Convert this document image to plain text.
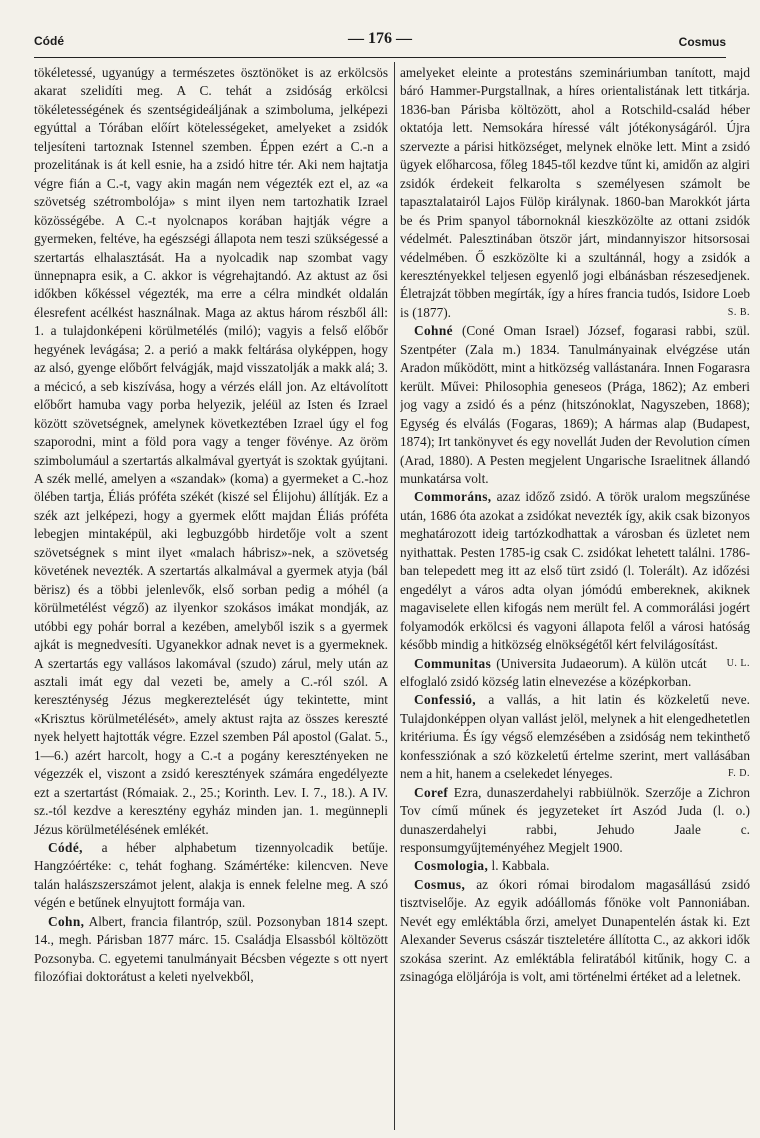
Códé	— 176 —	Cosmus

tökéletessé, ugyanúgy a természetes ösztönöket is az erkölcsös akarat szelidíti meg. A C. tehát a zsidóság erkölcsi tökéletességének és szentségideáljának a szimboluma, jelképezi egyúttal a Tórában előírt kötelességeket, amelyeket a zsidók teljesíteni tartoznak Istennel szemben. Éppen ezért a C.-n a prozelitának is át kell esnie, ha a zsidó hitre tér. Aki nem hajtatja végre fián a C.-t, vagy akin magán nem végezték ezt el, az «a szövetség szétrombolója» s mint ilyen nem tartozhatik Izrael közösségébe. A C.-t nyolcnapos korában hajtják végre a gyermeken, feltéve, ha egészségi állapota nem teszi szükségessé a szertartás elhalasztását. Ha a nyolcadik nap szombat vagy ünnepnapra esik, a C. akkor is végrehajtandó. Az aktust az ősi időkben kőkéssel végezték, ma erre a célra mindkét oldalán élesrefent acélkést használnak. Maga az aktus három részből áll: 1. a tulajdonképeni körülmetélés (miló); vagyis a felső előbőr hegyének levágása; 2. a perió a makk feltárása olyképpen, hogy az alsó, gyenge előbőrt felvágják, majd visszatolják a makk alá; 3. a mécicó, a seb kiszívása, hogy a vérzés eláll jon. Az eltávolított előbőrt hamuba vagy porba helyezik, jeléül az Isten és Izrael között szövetségnek, amelynek következtében Izrael úgy el fog szaporodni, mint a föld pora vagy a tenger fövénye. Az öröm szimbolumául a szertartás alkalmával gyertyát is szoktak gyújtani. A szék mellé, amelyen a «szandak» (koma) a gyermeket a C.-hoz ölében tartja, Éliás próféta székét (kiszé sel Élijohu) állítják. Ez a szék azt jelképezi, hogy a gyermek előtt majdan Éliás próféta lebegjen mintaképül, aki legbuzgóbb hirdetője volt a szent szövetségnek s mint ilyet «malach hábrisz»-nek, a szövetség követének nevezték. A szertartás alkalmával a gyermek atyja (bál bërisz) és a többi jelenlevők, első sorban pedig a móhél (a körülmetélést végző) az ilyenkor szokásos imákat mondják, az utóbbi egy pohár borral a kezében, amelyből iszik s a gyermek ajkát is megnedvesíti. Ugyanekkor adnak nevet is a gyermeknek. A szertartás egy vallásos lakomával (szudo) zárul, mely után az asztali imát egy dal vezeti be, amely a C.-ról szól. A kereszténység Jézus megkereztelését úgy tekintette, mint «Krisztus körülmetélését», amely aktust rajta az összes kereszté nyek helyett hajtották végre. Ezzel szemben Pál apostol (Galat. 5., 1—6.) azért harcolt, hogy a C.-t a pogány keresztényeken ne végezzék el, viszont a zsidó keresztények számára engedélyezte ezt a szertartást (Rómaiak. 2., 25.; Korinth. Lev. I. 7., 18.). A IV. sz.-tól kezdve a keresztény egyház minden jan. 1. megünnepli Jézus körülmetélésének emlékét.

Códé, a héber alphabetum tizennyolcadik betűje. Hangzóértéke: c, tehát foghang. Számértéke: kilencven. Neve talán halászszerszámot jelent, alakja is ennek felelne meg. A szó végén e betűnek elnyujtott formája van.

Cohn, Albert, francia filantróp, szül. Pozsonyban 1814 szept. 14., megh. Párisban 1877 márc. 15. Családja Elsassból költözött Pozsonyba. C. egyetemi tanulmányait Bécsben végezte s ott nyert filozófiai doktorátust a keleti nyelvekből,

amelyeket eleinte a protestáns szemináriumban tanított, majd báró Hammer-Purgstallnak, a híres orientalistának lett titkárja. 1836-ban Párisba költözött, ahol a Rotschild-család héber oktatója lett. Nemsokára híressé vált jótékonyságáról. Újra szervezte a párisi hitközséget, melynek elnöke lett. Mint a zsidó ügyek előharcosa, főleg 1845-től kezdve tűnt ki, amidőn az algiri zsidók érdekeit felkarolta s személyesen számolt be tapasztalatairól Lajos Fülöp királynak. 1860-ban Marokkót járta be és Prim spanyol tábornoknál kieszközölte az ottani zsidók védelmét. Palesztinában ötször járt, mindannyiszor hitsorsosai védelmében. Ő eszközölte ki a szultánnál, hogy a zsidók a keresztényekkel teljesen egyenlő jogi elbánásban részesedjenek. Életrajzát többen megírták, így a híres francia tudós, Isidore Loeb is (1877).	S. B.

Cohné (Coné Oman Israel) József, fogarasi rabbi, szül. Szentpéter (Zala m.) 1834. Tanulmányainak elvégzése után Aradon működött, mint a hitközség vallástanára. Innen Fogarasra került. Művei: Philosophia geneseos (Prága, 1862); Az emberi jog vagy a zsidó és a pénz (hitszónoklat, Nagyszeben, 1868); Egység és elválás (Fogaras, 1869); A hármas alap (Budapest, 1874); Irt tankönyvet és egy novellát Juden der Revolution címen (Arad, 1880). A Pesten megjelent Ungarische Israelitnek állandó munkatársa volt.

Commoráns, azaz időző zsidó. A török uralom megszűnése után, 1686 óta azokat a zsidókat nevezték így, akik csak bizonyos meghatározott ideig tartózkodhattak a városban és üzletet nem nyithattak. Pesten 1785-ig csak C. zsidókat lehetett találni. 1786-ban telepedett meg itt az első türt zsidó (l. Tolerált). Az időzési engedélyt a város adta olyan jómódú embereknek, akiknek magaviselete ellen kifogás nem merült fel. A commorálási jogért folyamodók erkölcsi és vagyoni állapota felől a városi hatóság később mindig a hitközség elnökségétől kért felvilágosítást.
U. L.

Communitas (Universita Judaeorum). A külön utcát elfoglaló zsidó község latin elnevezése a középkorban.

Confessió, a vallás, a hit latin és közkeletű neve. Tulajdonképpen olyan vallást jelöl, melynek a hit elengedhetetlen kritériuma. És így végső elemzésében a zsidóság nem tekinthető konfessziónak a szó közkeletű értelme szerint, mert vallásában nem a hit, hanem a cselekedet lényeges.	F. D.

Coref Ezra, dunaszerdahelyi rabbiülnök. Szerzője a Zichron Tov című műnek és jegyzeteket írt Aszód Juda (l. o.) dunaszerdahelyi rabbi, Jehudo Jaale c. responsumgyűjteményéhez Megjelt 1900.

Cosmologia, l. Kabbala.

Cosmus, az ókori római birodalom magasállású zsidó tisztviselője. Az egyik adóállomás főnöke volt Pannoniában. Nevét egy emléktábla őrzi, amelyet Dunapentelén ástak ki. Ezt Alexander Severus császár tiszteletére állította C., az akkori idők szokása szerint. Az emléktábla feliratából kitűnik, hogy C. a zsinagóga elöljárója is volt, ami történelmi értéket ad a leletnek.
